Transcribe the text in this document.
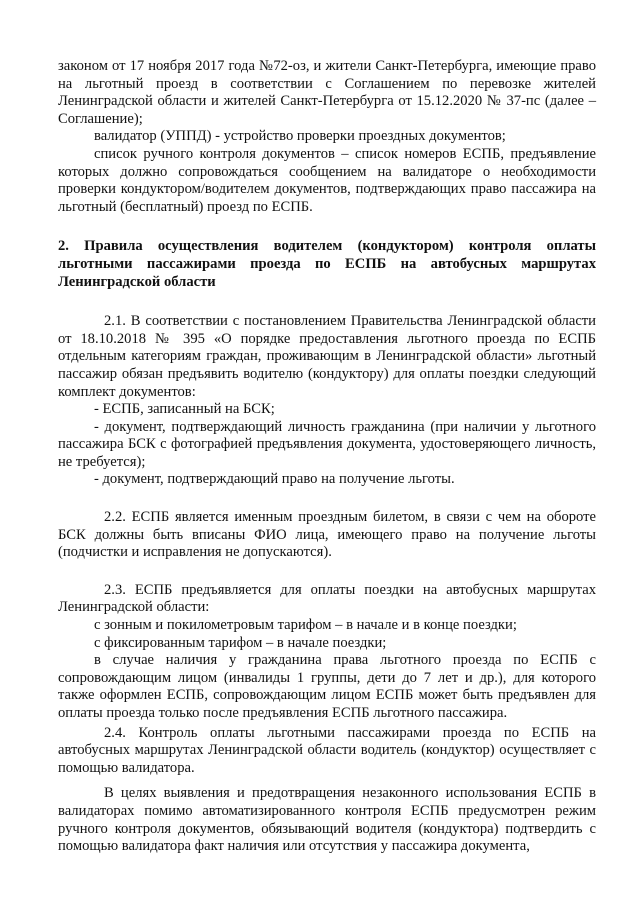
законом от 17 ноября 2017 года №72-оз, и жители Санкт-Петербурга, имеющие право на льготный проезд в соответствии с Соглашением по перевозке жителей Ленинградской области и жителей Санкт-Петербурга от 15.12.2020 № 37-пс (далее – Соглашение);

валидатор (УППД) - устройство проверки проездных документов;

список ручного контроля документов – список номеров ЕСПБ, предъявление которых должно сопровождаться сообщением на валидаторе о необходимости проверки кондуктором/водителем документов, подтверждающих право пассажира на льготный (бесплатный) проезд по ЕСПБ.

2. Правила осуществления водителем (кондуктором) контроля оплаты льготными пассажирами проезда по ЕСПБ на автобусных маршрутах Ленинградской области

2.1. В соответствии с постановлением Правительства Ленинградской области от 18.10.2018 № 395 «О порядке предоставления льготного проезда по ЕСПБ отдельным категориям граждан, проживающим в Ленинградской области» льготный пассажир обязан предъявить водителю (кондуктору) для оплаты поездки следующий комплект документов:

- ЕСПБ, записанный на БСК;

- документ, подтверждающий личность гражданина (при наличии у льготного пассажира БСК с фотографией предъявления документа, удостоверяющего личность, не требуется);

- документ, подтверждающий право на получение льготы.

2.2. ЕСПБ является именным проездным билетом, в связи с чем на обороте БСК должны быть вписаны ФИО лица, имеющего право на получение льготы (подчистки и исправления не допускаются).

2.3. ЕСПБ предъявляется для оплаты поездки на автобусных маршрутах Ленинградской области:

с зонным и покилометровым тарифом – в начале и в конце поездки;

с фиксированным тарифом – в начале поездки;

в случае наличия у гражданина права льготного проезда по ЕСПБ с сопровождающим лицом (инвалиды 1 группы, дети до 7 лет и др.), для которого также оформлен ЕСПБ, сопровождающим лицом ЕСПБ может быть предъявлен для оплаты проезда только после предъявления ЕСПБ льготного пассажира.

2.4. Контроль оплаты льготными пассажирами проезда по ЕСПБ на автобусных маршрутах Ленинградской области водитель (кондуктор) осуществляет с помощью валидатора.

В целях выявления и предотвращения незаконного использования ЕСПБ в валидаторах помимо автоматизированного контроля ЕСПБ предусмотрен режим ручного контроля документов, обязывающий водителя (кондуктора) подтвердить с помощью валидатора факт наличия или отсутствия у пассажира документа,
